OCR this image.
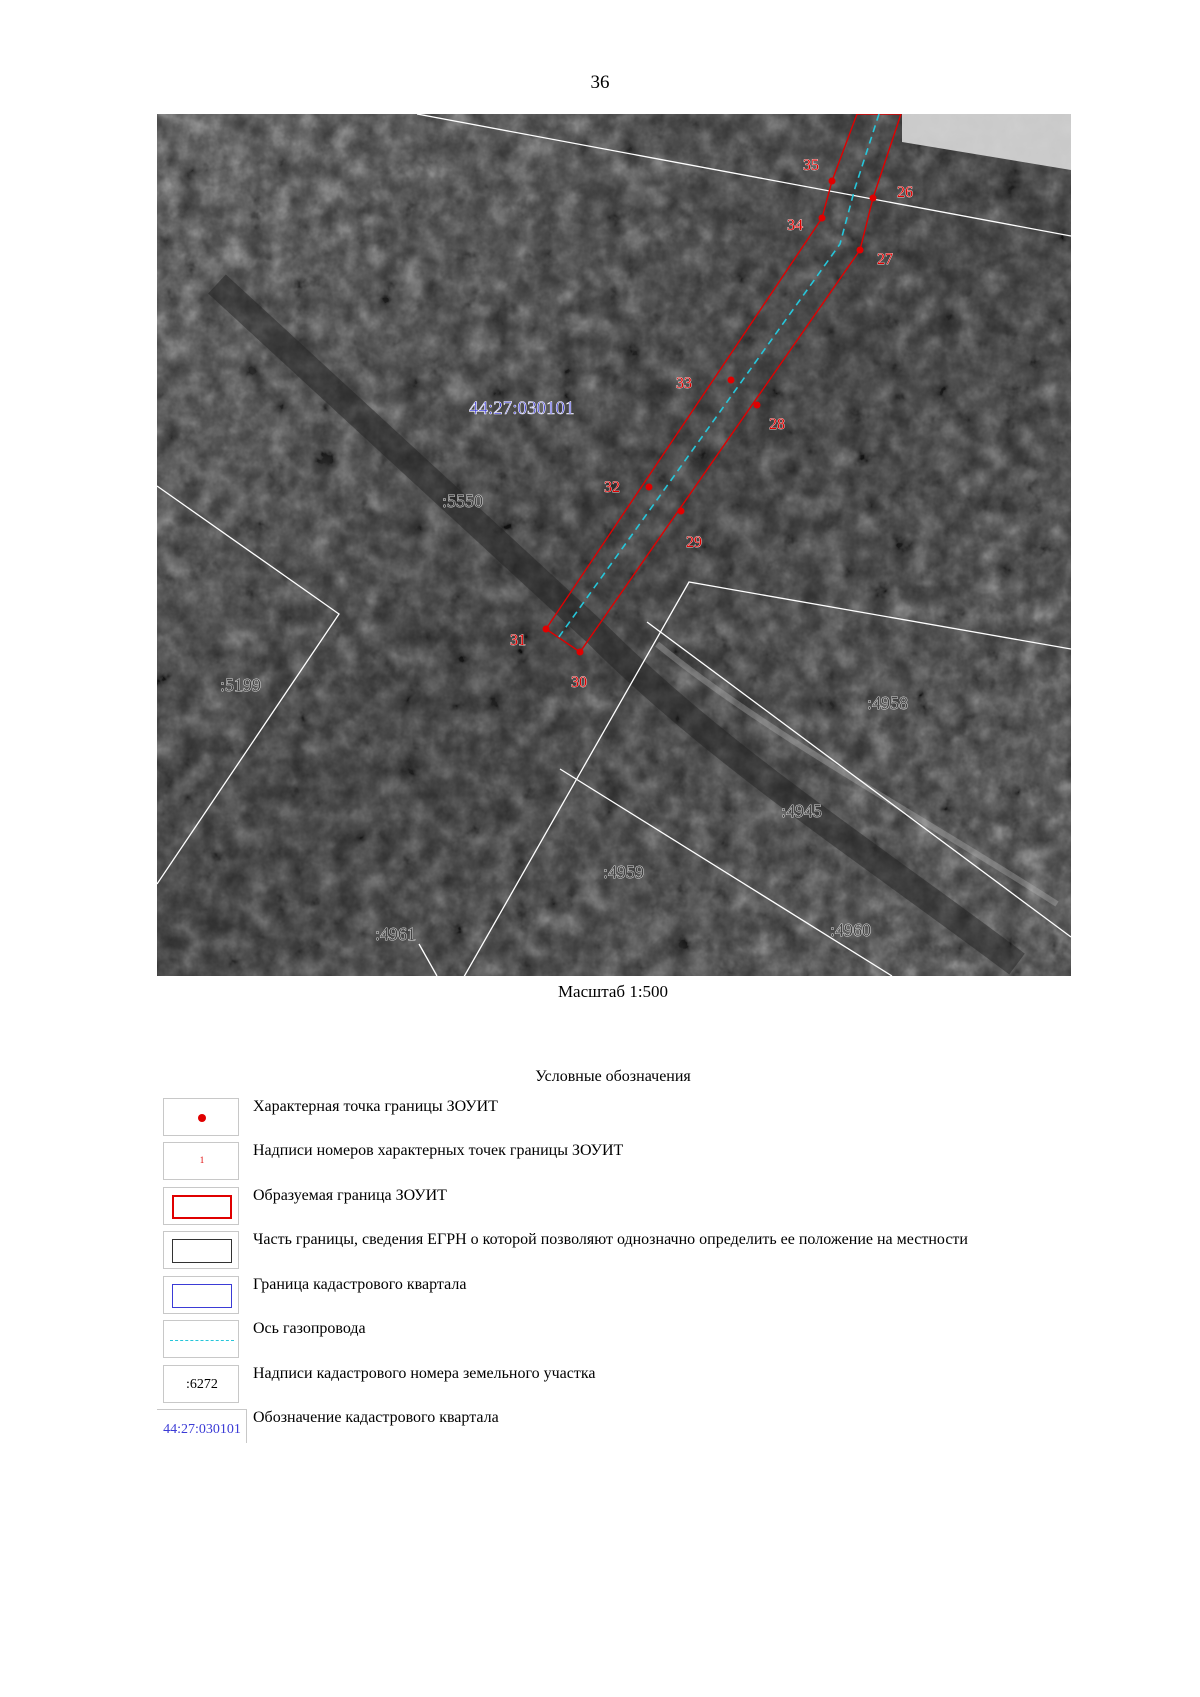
36
44:27:030101
:5550
:5199
:4958
:4945
:4959
:4961	:4960
35
26
34
27
33
28
32
29
31
30
Масштаб 1:500
Условные обозначения
Характерная точка границы ЗОУИТ
1
Надписи номеров характерных точек границы ЗОУИТ
Образуемая граница ЗОУИТ
Часть границы, сведения ЕГРН о которой позволяют однозначно определить ее положение на местности
Граница кадастрового квартала
Ось газопровода
:6272
Надписи кадастрового номера земельного участка
44:27:030101
Обозначение кадастрового квартала
